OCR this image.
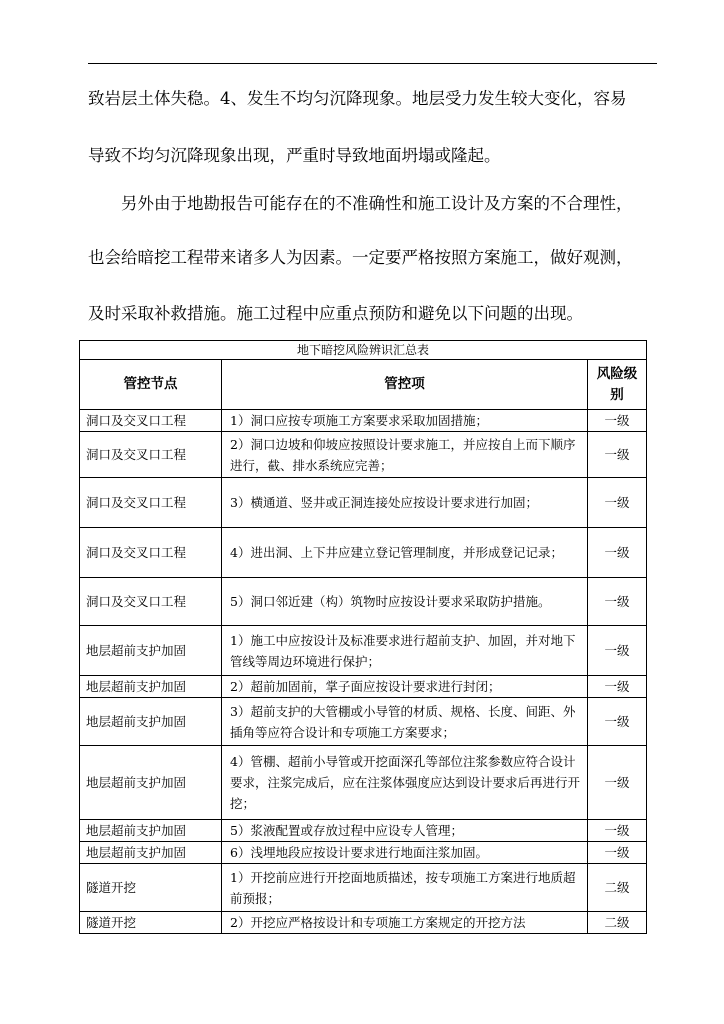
致岩层土体失稳。4、发生不均匀沉降现象。地层受力发生较大变化，容易
导致不均匀沉降现象出现，严重时导致地面坍塌或隆起。
另外由于地勘报告可能存在的不准确性和施工设计及方案的不合理性，
也会给暗挖工程带来诸多人为因素。一定要严格按照方案施工，做好观测，
及时采取补救措施。施工过程中应重点预防和避免以下问题的出现。
地下暗挖风险辨识汇总表		
管控节点	管控项	风险级别
洞口及交叉口工程	1）洞口应按专项施工方案要求采取加固措施；	一级
洞口及交叉口工程	2）洞口边坡和仰坡应按照设计要求施工，并应按自上而下顺序进行，截、排水系统应完善；	一级
洞口及交叉口工程	3）横通道、竖井或正洞连接处应按设计要求进行加固；	一级
洞口及交叉口工程	4）进出洞、上下井应建立登记管理制度，并形成登记记录；	一级
洞口及交叉口工程	5）洞口邻近建（构）筑物时应按设计要求采取防护措施。	一级
地层超前支护加固	1）施工中应按设计及标准要求进行超前支护、加固，并对地下管线等周边环境进行保护；	一级
地层超前支护加固	2）超前加固前，掌子面应按设计要求进行封闭；	一级
地层超前支护加固	3）超前支护的大管棚或小导管的材质、规格、长度、间距、外插角等应符合设计和专项施工方案要求；	一级
地层超前支护加固	4）管棚、超前小导管或开挖面深孔等部位注浆参数应符合设计要求，注浆完成后，应在注浆体强度应达到设计要求后再进行开挖；	一级
地层超前支护加固	5）浆液配置或存放过程中应设专人管理；	一级
地层超前支护加固	6）浅埋地段应按设计要求进行地面注浆加固。	一级
隧道开挖	1）开挖前应进行开挖面地质描述，按专项施工方案进行地质超前预报；	二级
隧道开挖	2）开挖应严格按设计和专项施工方案规定的开挖方法	二级
